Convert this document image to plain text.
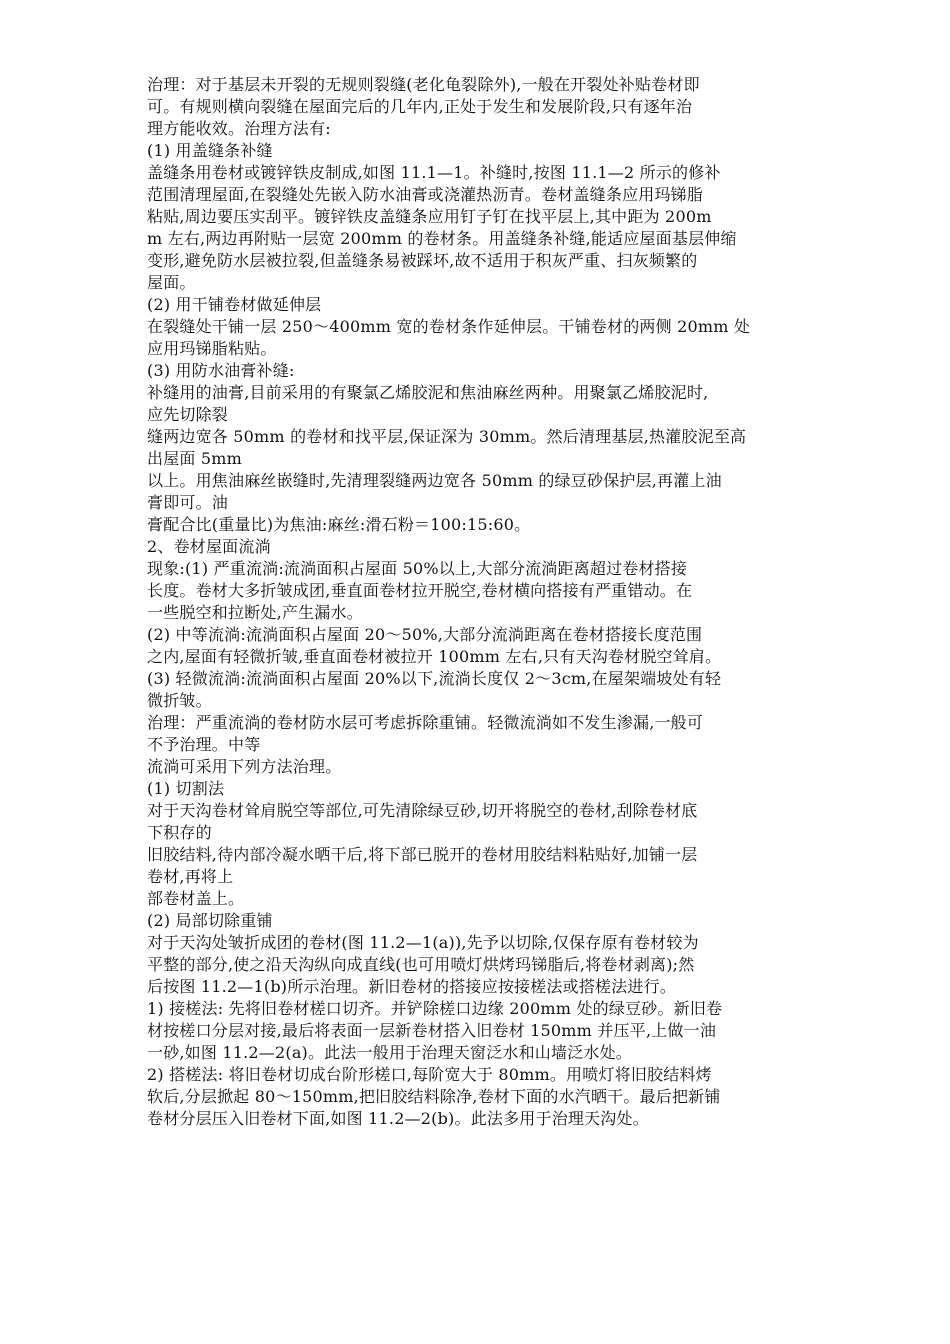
治理：对于基层未开裂的无规则裂缝(老化龟裂除外),一般在开裂处补贴卷材即
可。有规则横向裂缝在屋面完后的几年内,正处于发生和发展阶段,只有逐年治
理方能收效。治理方法有:
(1) 用盖缝条补缝
盖缝条用卷材或镀锌铁皮制成,如图 11.1—1。补缝时,按图 11.1—2 所示的修补
范围清理屋面,在裂缝处先嵌入防水油膏或浇灌热沥青。卷材盖缝条应用玛锑脂
粘贴,周边要压实刮平。镀锌铁皮盖缝条应用钉子钉在找平层上,其中距为 200m
m 左右,两边再附贴一层宽 200mm 的卷材条。用盖缝条补缝,能适应屋面基层伸缩
变形,避免防水层被拉裂,但盖缝条易被踩坏,故不适用于积灰严重、扫灰频繁的
屋面。
(2) 用干铺卷材做延伸层
在裂缝处干铺一层 250～400mm 宽的卷材条作延伸层。干铺卷材的两侧 20mm 处
应用玛锑脂粘贴。
(3) 用防水油膏补缝:
补缝用的油膏,目前采用的有聚氯乙烯胶泥和焦油麻丝两种。用聚氯乙烯胶泥时,
应先切除裂
缝两边宽各 50mm 的卷材和找平层,保证深为 30mm。然后清理基层,热灌胶泥至高
出屋面 5mm
以上。用焦油麻丝嵌缝时,先清理裂缝两边宽各 50mm 的绿豆砂保护层,再灌上油
膏即可。油
膏配合比(重量比)为焦油:麻丝:滑石粉＝100:15:60。
2、卷材屋面流淌
现象:(1) 严重流淌:流淌面积占屋面 50%以上,大部分流淌距离超过卷材搭接
长度。卷材大多折皱成团,垂直面卷材拉开脱空,卷材横向搭接有严重错动。在
一些脱空和拉断处,产生漏水。
(2) 中等流淌:流淌面积占屋面 20～50%,大部分流淌距离在卷材搭接长度范围
之内,屋面有轻微折皱,垂直面卷材被拉开 100mm 左右,只有天沟卷材脱空耸肩。
(3) 轻微流淌:流淌面积占屋面 20%以下,流淌长度仅 2～3cm,在屋架端坡处有轻
微折皱。
治理：严重流淌的卷材防水层可考虑拆除重铺。轻微流淌如不发生渗漏,一般可
不予治理。中等
流淌可采用下列方法治理。
(1) 切割法
对于天沟卷材耸肩脱空等部位,可先清除绿豆砂,切开将脱空的卷材,刮除卷材底
下积存的
旧胶结料,待内部冷凝水晒干后,将下部已脱开的卷材用胶结料粘贴好,加铺一层
卷材,再将上
部卷材盖上。
(2) 局部切除重铺
对于天沟处皱折成团的卷材(图 11.2—1(a)),先予以切除,仅保存原有卷材较为
平整的部分,使之沿天沟纵向成直线(也可用喷灯烘烤玛锑脂后,将卷材剥离);然
后按图 11.2—1(b)所示治理。新旧卷材的搭接应按接槎法或搭槎法进行。
1) 接槎法: 先将旧卷材槎口切齐。并铲除槎口边缘 200mm 处的绿豆砂。新旧卷
材按槎口分层对接,最后将表面一层新卷材搭入旧卷材 150mm 并压平,上做一油
一砂,如图 11.2—2(a)。此法一般用于治理天窗泛水和山墙泛水处。
2) 搭槎法: 将旧卷材切成台阶形槎口,每阶宽大于 80mm。用喷灯将旧胶结料烤
软后,分层掀起 80～150mm,把旧胶结料除净,卷材下面的水汽晒干。最后把新铺
卷材分层压入旧卷材下面,如图 11.2—2(b)。此法多用于治理天沟处。
